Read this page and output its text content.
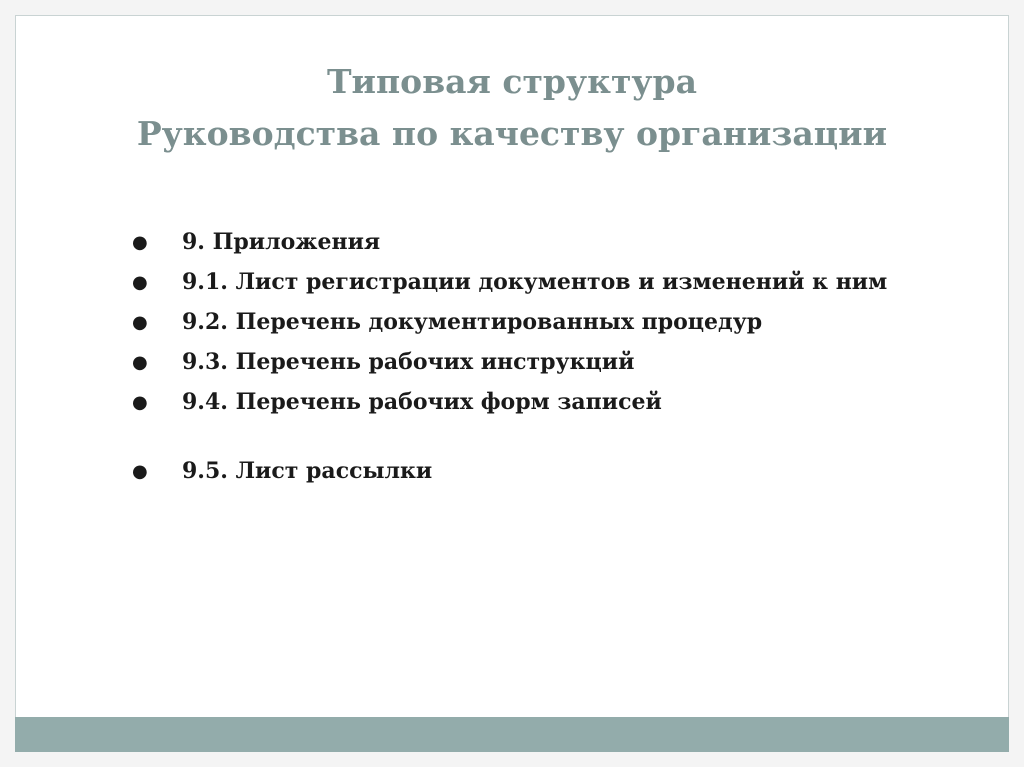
Типовая структура
Руководства по качеству организации
● 9. Приложения
● 9.1. Лист регистрации документов и изменений к ним
● 9.2. Перечень документированных процедур
● 9.3. Перечень рабочих инструкций
● 9.4. Перечень рабочих форм записей
● 9.5. Лист рассылки
